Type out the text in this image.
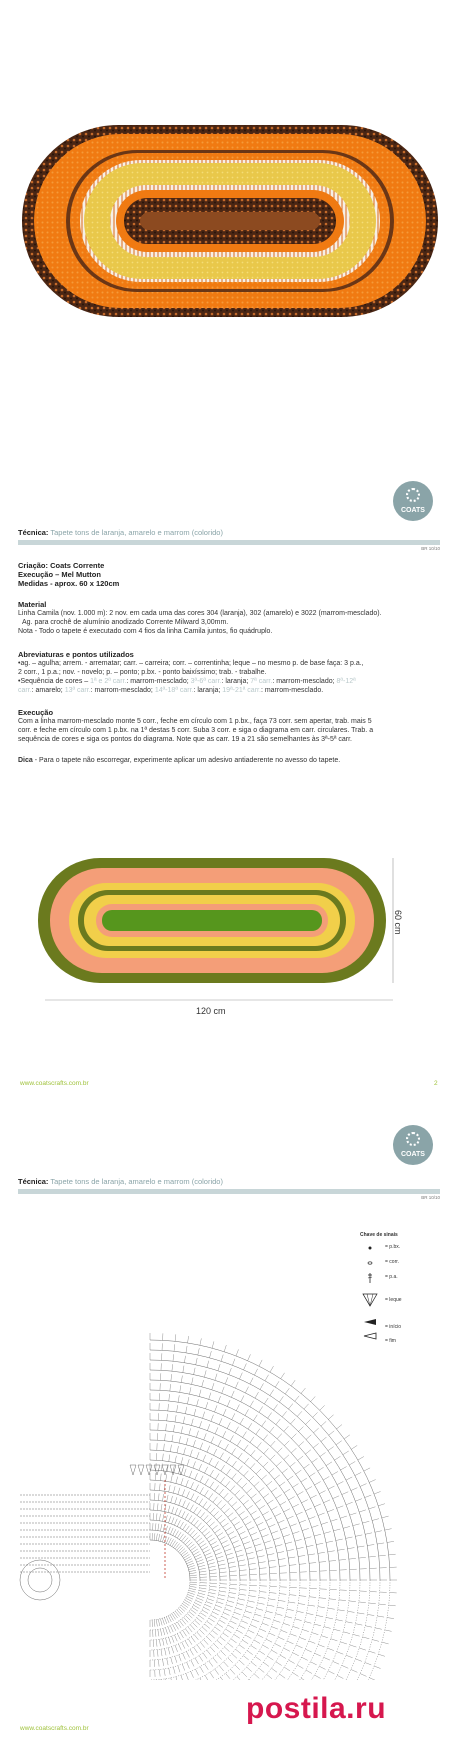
COATS
Técnica: Tapete tons de laranja, amarelo e marrom (colorido)
BR 10/10
Criação: Coats Corrente
Execução – Mel Mutton
Medidas - aprox. 60 x 120cm
Material
Linha Camila (nov. 1.000 m): 2 nov. em cada uma das cores 304 (laranja), 302 (amarelo) e 3022 (marrom-mesclado).
Ag. para crochê de alumínio anodizado Corrente Milward 3,00mm.
Nota - Todo o tapete é executado com 4 fios da linha Camila juntos, fio quádruplo.
Abreviaturas e pontos utilizados
•ag. – agulha; arrem. - arrematar; carr. – carreira; corr. – correntinha; leque – no mesmo p. de base faça: 3 p.a.,
2 corr., 1 p.a.; nov. - novelo; p. – ponto; p.bx. - ponto baixíssimo; trab. - trabalhe.
•Sequência de cores – 1ª e 2ª carr.: marrom-mesclado; 3ª-6ª carr.: laranja; 7ª carr.: marrom-mesclado; 8ª-12ª
carr.: amarelo; 13ª carr.: marrom-mesclado; 14ª-18ª carr.: laranja; 19ª-21ª carr.: marrom-mesclado.
Execução
Com a linha marrom-mesclado monte 5 corr., feche em círculo com 1 p.bx., faça 73 corr. sem apertar, trab. mais 5
corr. e feche em círculo com 1 p.bx. na 1ª destas 5 corr. Suba 3 corr. e siga o diagrama em carr. circulares. Trab. a
sequência de cores e siga os pontos do diagrama. Note que as carr. 19 a 21 são semelhantes às 3ª-5ª carr.
Dica - Para o tapete não escorregar, experimente aplicar um adesivo antiaderente no avesso do tapete.
60 cm
120 cm
www.coatscrafts.com.br	2
COATS
Técnica: Tapete tons de laranja, amarelo e marrom (colorido)
BR 10/10
Chave de sinais
= p.bx.
= corr.
= p.a.
= leque
= início
= fim
www.coatscrafts.com.br
postila.ru
